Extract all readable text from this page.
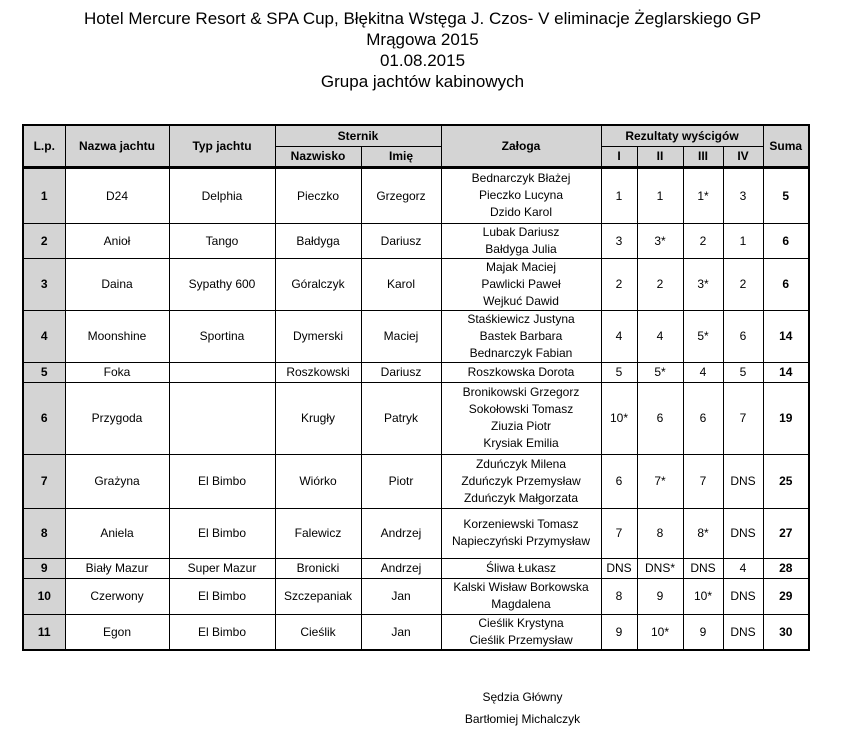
Hotel Mercure Resort & SPA Cup, Błękitna Wstęga J. Czos- V eliminacje Żeglarskiego GP
Mrągowa 2015
01.08.2015
Grupa jachtów kabinowych
L.p.	Nazwa jachtu	Typ jachtu	Sternik		Załoga	Rezultaty wyścigów				Suma
			Nazwisko	Imię		I	II	III	IV	
1	D24	Delphia	Pieczko	Grzegorz	Bednarczyk Błażej
Pieczko Lucyna
Dzido Karol	1	1	1*	3	5
2	Anioł	Tango	Bałdyga	Dariusz	Lubak Dariusz
Bałdyga Julia	3	3*	2	1	6
3	Daina	Sypathy 600	Góralczyk	Karol	Majak Maciej
Pawlicki Paweł
Wejkuć Dawid	2	2	3*	2	6
4	Moonshine	Sportina	Dymerski	Maciej	Staśkiewicz Justyna
Bastek Barbara
Bednarczyk Fabian	4	4	5*	6	14
5	Foka		Roszkowski	Dariusz	Roszkowska Dorota	5	5*	4	5	14
6	Przygoda		Krugły	Patryk	Bronikowski Grzegorz
Sokołowski Tomasz
Ziuzia Piotr
Krysiak Emilia	10*	6	6	7	19
7	Grażyna	El Bimbo	Wiórko	Piotr	Zduńczyk Milena
Zduńczyk Przemysław
Zduńczyk Małgorzata	6	7*	7	DNS	25
8	Aniela	El Bimbo	Falewicz	Andrzej	Korzeniewski Tomasz
Napieczyński Przymysław	7	8	8*	DNS	27
9	Biały Mazur	Super Mazur	Bronicki	Andrzej	Śliwa Łukasz	DNS	DNS*	DNS	4	28
10	Czerwony	El Bimbo	Szczepaniak	Jan	Kalski Wisław Borkowska
Magdalena	8	9	10*	DNS	29
11	Egon	El Bimbo	Cieślik	Jan	Cieślik Krystyna
Cieślik Przemysław	9	10*	9	DNS	30
Sędzia Główny
Bartłomiej Michalczyk
